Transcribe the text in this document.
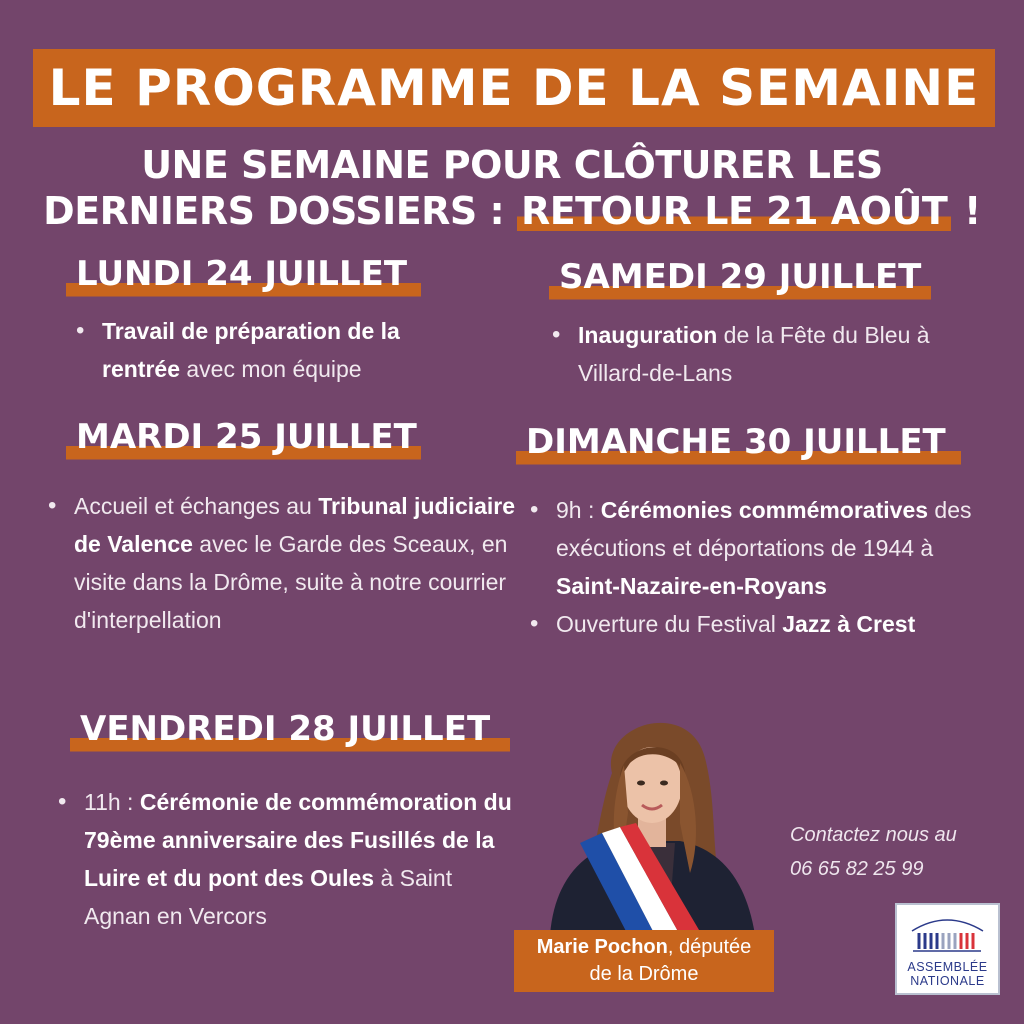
LE PROGRAMME DE LA SEMAINE
UNE SEMAINE POUR CLÔTURER LES
DERNIERS DOSSIERS : RETOUR LE 21 AOÛT !
LUNDI 24 JUILLET
• Travail de préparation de la rentrée avec mon équipe
SAMEDI 29 JUILLET
• Inauguration de la Fête du Bleu à Villard-de-Lans
MARDI 25 JUILLET
• Accueil et échanges au Tribunal judiciaire de Valence avec le Garde des Sceaux, en visite dans la Drôme, suite à notre courrier d'interpellation
DIMANCHE 30 JUILLET
• 9h : Cérémonies commémoratives des exécutions et déportations de 1944 à Saint-Nazaire-en-Royans
• Ouverture du Festival Jazz à Crest
VENDREDI 28 JUILLET
• 11h : Cérémonie de commémoration du 79ème anniversaire des Fusillés de la Luire et du pont des Oules à Saint Agnan en Vercors
Marie Pochon, députée
de la Drôme
Contactez nous au
06 65 82 25 99
ASSEMBLÉE
NATIONALE
